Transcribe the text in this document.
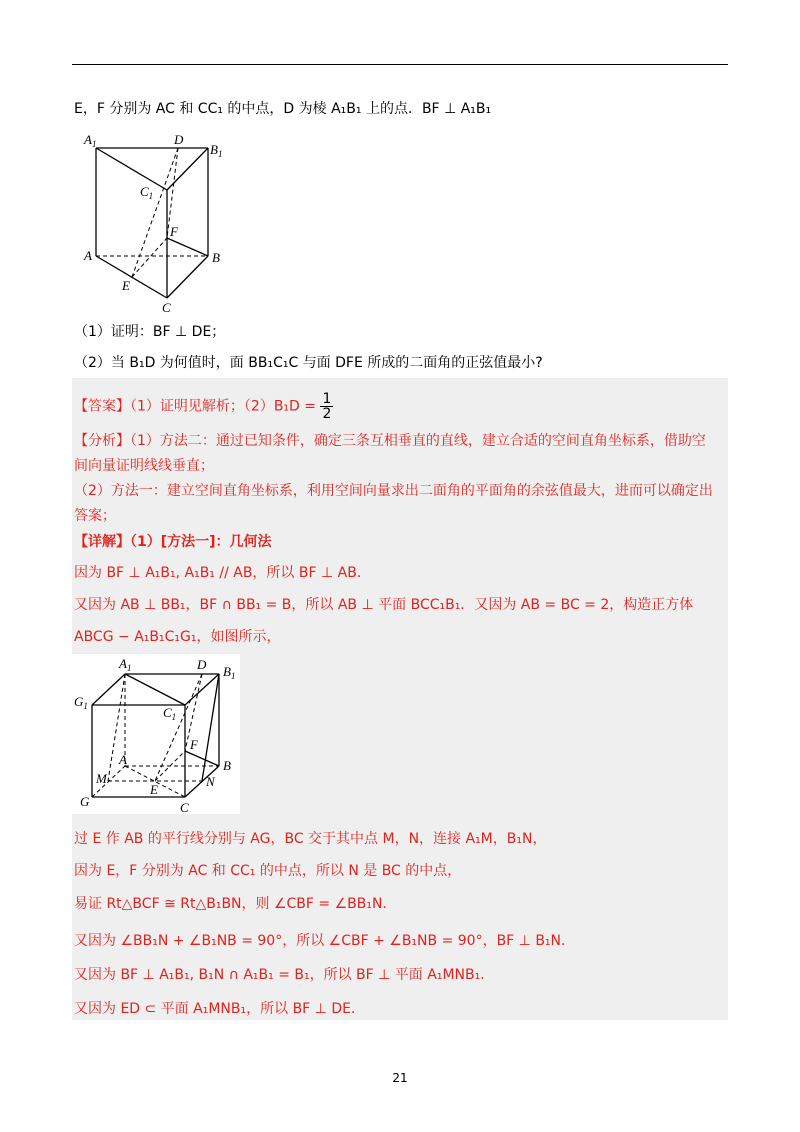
E，F 分别为 AC 和 CC₁ 的中点，D 为棱 A₁B₁ 上的点．BF ⊥ A₁B₁
$A_1$	D
$B_1$
$C_1$
F
A	B
E
C
（1）证明：BF ⊥ DE；
（2）当 B₁D 为何值时，面 BB₁C₁C 与面 DFE 所成的二面角的正弦值最小?
【答案】（1）证明见解析；$(2)B_1D = \frac{1}{2}$
【分析】（1）方法二：通过已知条件，确定三条互相垂直的直线，建立合适的空间直角坐标系，借助空
间向量证明线线垂直；
（2）方法一：建立空间直角坐标系，利用空间向量求出二面角的平面角的余弦值最大，进而可以确定出
答案；
【详解】（1）[方法一]：几何法
因为 BF ⊥ A₁B₁, A₁B₁ // AB，所以 BF ⊥ AB．
又因为 AB ⊥ BB₁，BF ∩ BB₁ = B，所以 AB ⊥ 平面 BCC₁B₁．又因为 AB = BC = 2，构造正方体
ABCG − A₁B₁C₁G₁，如图所示，
$A_1$	D $B_1$
$G_1$	$C_1$
F
A	B
M	N
E
G	C
过 E 作 AB 的平行线分别与 AG，BC 交于其中点 M，N，连接 A₁M，B₁N，
因为 E，F 分别为 AC 和 CC₁ 的中点，所以 N 是 BC 的中点，
易证 Rt△BCF ≅ Rt△B₁BN，则 ∠CBF = ∠BB₁N．
又因为 ∠BB₁N + ∠B₁NB = 90°，所以 ∠CBF + ∠B₁NB = 90°，BF ⊥ B₁N．
又因为 BF ⊥ A₁B₁, B₁N ∩ A₁B₁ = B₁，所以 BF ⊥ 平面 A₁MNB₁．
又因为 ED ⊂ 平面 A₁MNB₁，所以 BF ⊥ DE．
21
